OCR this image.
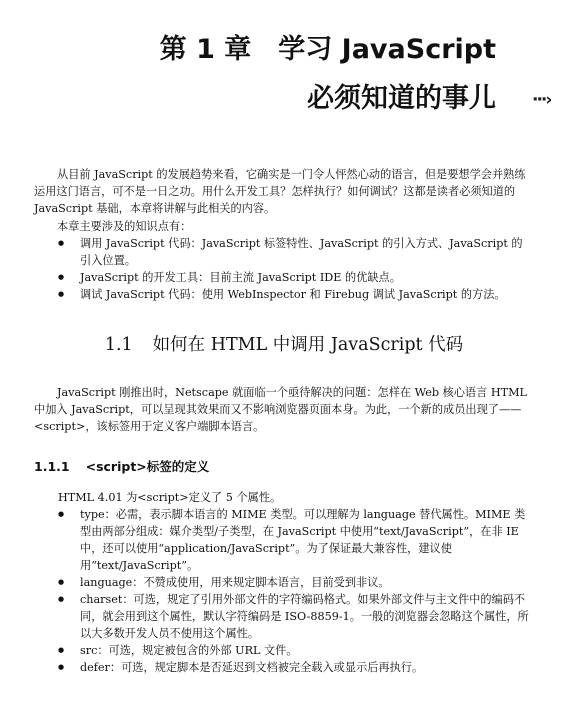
第 1 章　学习 JavaScript
必须知道的事儿 ···›
从目前 JavaScript 的发展趋势来看，它确实是一门令人怦然心动的语言，但是要想学会并熟练运用这门语言，可不是一日之功。用什么开发工具？怎样执行？如何调试？这都是读者必须知道的 JavaScript 基础，本章将讲解与此相关的内容。
本章主要涉及的知识点有：
● 调用 JavaScript 代码：JavaScript 标签特性、JavaScript 的引入方式、JavaScript 的引入位置。
● JavaScript 的开发工具：目前主流 JavaScript IDE 的优缺点。
● 调试 JavaScript 代码：使用 WebInspector 和 Firebug 调试 JavaScript 的方法。
1.1 如何在 HTML 中调用 JavaScript 代码
JavaScript 刚推出时，Netscape 就面临一个亟待解决的问题：怎样在 Web 核心语言 HTML 中加入 JavaScript，可以呈现其效果而又不影响浏览器页面本身。为此，一个新的成员出现了——<script>，该标签用于定义客户端脚本语言。
1.1.1 <script>标签的定义
HTML 4.01 为<script>定义了 5 个属性。
● type：必需，表示脚本语言的 MIME 类型。可以理解为 language 替代属性。MIME 类型由两部分组成：媒介类型/子类型，在 JavaScript 中使用“text/JavaScript”，在非 IE 中，还可以使用“application/JavaScript”。为了保证最大兼容性，建议使用“text/JavaScript”。
● language：不赞成使用，用来规定脚本语言，目前受到非议。
● charset：可选，规定了引用外部文件的字符编码格式。如果外部文件与主文件中的编码不同，就会用到这个属性，默认字符编码是 ISO-8859-1。一般的浏览器会忽略这个属性，所以大多数开发人员不使用这个属性。
● src：可选，规定被包含的外部 URL 文件。
● defer：可选，规定脚本是否延迟到文档被完全载入或显示后再执行。
